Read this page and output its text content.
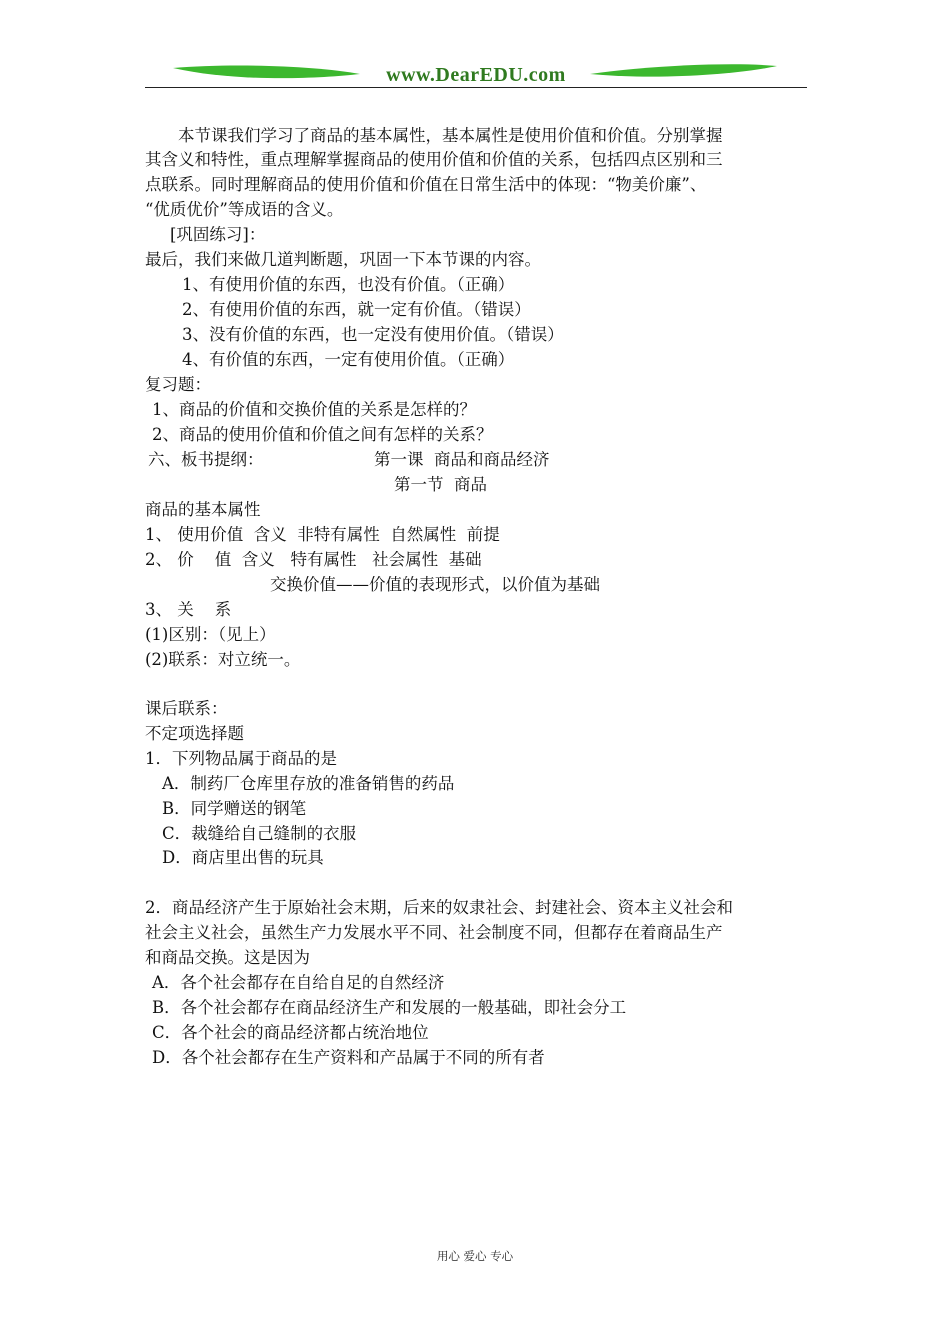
www.DearEDU.com
本节课我们学习了商品的基本属性，基本属性是使用价值和价值。分别掌握
其含义和特性，重点理解掌握商品的使用价值和价值的关系，包括四点区别和三
点联系。同时理解商品的使用价值和价值在日常生活中的体现：“物美价廉”、
“优质优价”等成语的含义。
[巩固练习]：
最后，我们来做几道判断题，巩固一下本节课的内容。
1、有使用价值的东西，也没有价值。（正确）
2、有使用价值的东西，就一定有价值。（错误）
3、没有价值的东西，也一定没有使用价值。（错误）
4、有价值的东西，一定有使用价值。（正确）
复习题：
1、商品的价值和交换价值的关系是怎样的？
2、商品的使用价值和价值之间有怎样的关系？
六、板书提纲：	第一课  商品和商品经济
第一节  商品
商品的基本属性
1、 使用价值  含义  非特有属性  自然属性  前提
2、 价    值  含义   特有属性   社会属性  基础
交换价值——价值的表现形式，以价值为基础
3、 关    系
(1)区别：（见上）
(2)联系：对立统一。
课后联系：
不定项选择题
1．下列物品属于商品的是
A．制药厂仓库里存放的准备销售的药品
B．同学赠送的钢笔
C．裁缝给自己缝制的衣服
D．商店里出售的玩具
2．商品经济产生于原始社会末期，后来的奴隶社会、封建社会、资本主义社会和
社会主义社会，虽然生产力发展水平不同、社会制度不同，但都存在着商品生产
和商品交换。这是因为
A．各个社会都存在自给自足的自然经济
B．各个社会都存在商品经济生产和发展的一般基础，即社会分工
C．各个社会的商品经济都占统治地位
D．各个社会都存在生产资料和产品属于不同的所有者
用心 爱心 专心
